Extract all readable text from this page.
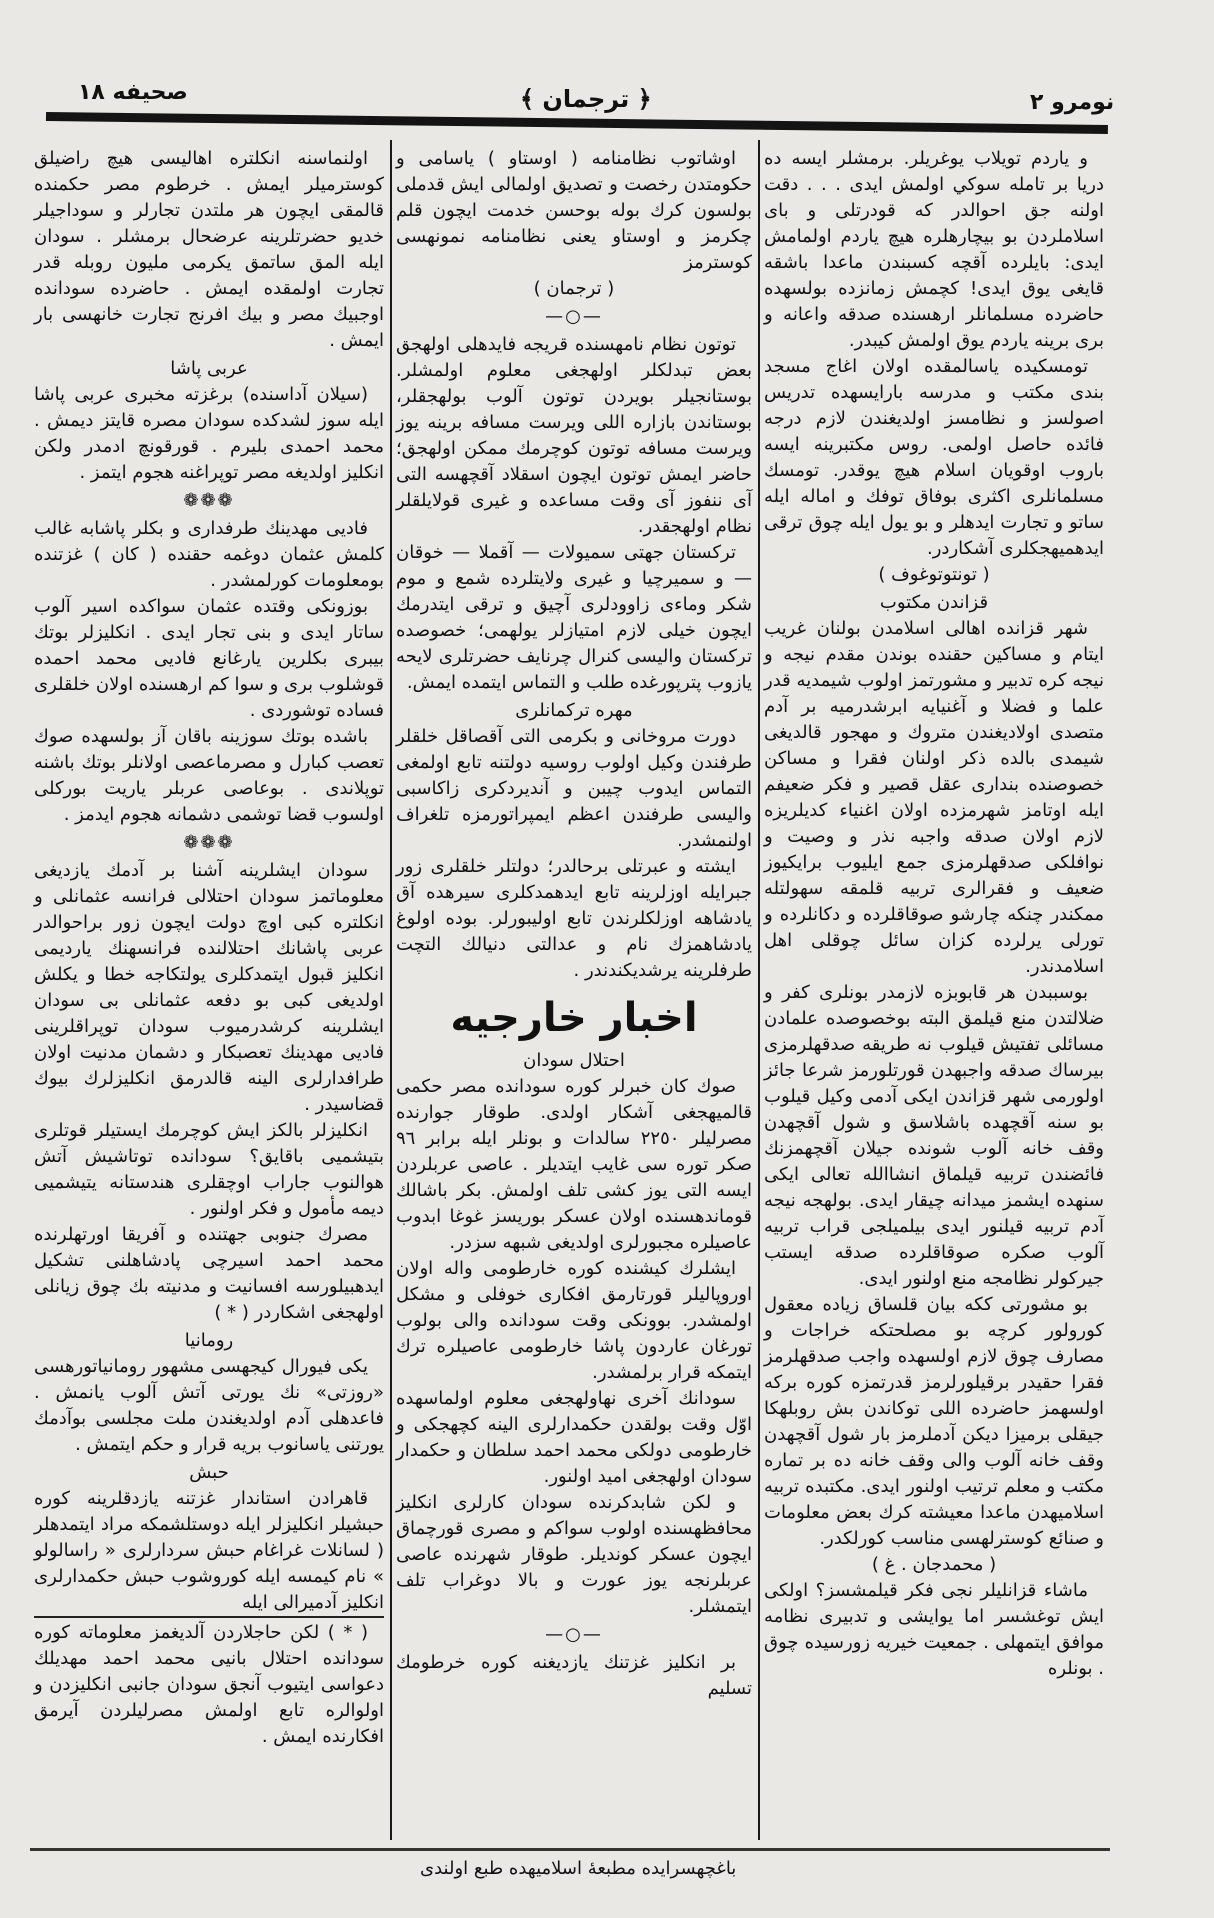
صحيفه ١٨	﴿ ترجمان ﴾	نومرو ٢

و یاردم تویلاب یوغریلر. برمشلر ایسه ده دریا بر تامله سوکي اولمش ایدی . . . دقت اولنه جق احوالدر که قودرتلی و بای اسلاملردن بو بیچارهلره هیچ یاردم اولمامش ایدی: بایلرده آقچه کسبندن ماعدا باشقه قایغی یوق ایدی! کچمش زمانزده بولسهده حاضرده مسلمانلر ارهسنده صدقه واعانه و بری برینه یاردم یوق اولمش کیبدر.

تومسکیده یاسالمقده اولان اغاج مسجد بندی مکتب و مدرسه بارایسهده تدریس اصولسز و نظامسز اولدیغندن لازم درجه فائده حاصل اولمی. روس مکتبرینه ایسه باروب اوقویان اسلام هیچ یوقدر. تومسك مسلمانلری اکثری بوفاق توفك و اماله ایله ساتو و تجارت ایدهلر و بو یول ایله چوق ترقی ایدهمیهجکلری آشکاردر.

( تونتوتوغوف )
قزاندن مکتوب

شهر قزانده اهالی اسلامدن بولنان غریب ایتام و مساکین حقنده بوندن مقدم نیجه و نیجه کره تدبیر و مشورتمز اولوب شیمدیه قدر علما و فضلا و آغنیایه ابرشدرمیه بر آدم متصدی اولادیغندن متروك و مهجور قالدیغی شیمدی بالده ذکر اولنان فقرا و مساکن خصوصنده بنداری عقل قصیر و فکر ضعیفم ایله اوتامز شهرمزده اولان اغنیاء کدیلریزه لازم اولان صدقه واجبه نذر و وصیت و نوافلکی صدقهلرمزی جمع ایلیوب برایکیوز ضعیف و فقرالری تربیه قلمقه سهولتله ممکندر چنکه چارشو صوقاقلرده و دکانلرده و تورلی یرلرده کزان سائل چوقلی اهل اسلامدندر.

بوسببدن هر قابوبزه لازمدر بونلری کفر و ضلالتدن منع قیلمق البته بوخصوصده علمادن مسائلی تفتیش قیلوب نه طریقه صدقهلرمزی بیرساك صدقه واجبهدن قورتلورمز شرعا جائز اولورمی شهر قزاندن ایکی آدمی وکیل قیلوب بو سنه آقچهده باشلاسق و شول آقچهدن وقف خانه آلوب شونده جیلان آقچهمزنك فائضندن تربیه قیلماق انشاالله تعالی ایکی سنهده ایشمز میدانه چیقار ایدی. بولهجه نیجه آدم تربیه قیلنور ایدی بیلمیلجی قراب تربیه آلوب صکره صوقاقلرده صدقه ایستب جیرکولر نظامجه منع اولنور ایدی.

بو مشورتی ککه بیان قلساق زیاده معقول کورولور کرچه بو مصلحتکه خراجات و مصارف چوق لازم اولسهده واجب صدقهلرمز فقرا حقیدر برقیلورلرمز قدرتمزه کوره برکه اولسهمز حاضرده اللی توکاندن بش روبلهکا جیقلی برمیزا دیکن آدملرمز بار شول آقچهدن وقف خانه آلوب والی وقف خانه ده بر تماره مکتب و معلم ترتیب اولنور ایدی. مکتبده تربیه اسلامیهدن ماعدا معیشته کرك بعض معلومات و صنائع کوسترلهسی مناسب کورلکدر.

( محمدجان . غ )

ماشاء قزانلیلر نجی فکر قیلمشسز؟ اولکی ایش توغشسر اما یوایشی و تدبیری نظامه موافق ایتمهلی . جمعیت خیریه زورسیده چوق . بونلره

اوشاتوب نظامنامه ( اوستاو ) یاسامی و حکومتدن رخصت و تصدیق اولمالی ایش قدملی بولسون کرك بوله بوحسن خدمت ایچون قلم چکرمز و اوستاو یعنی نظامنامه نمونهسی کوسترمز

( ترجمان )
—○—

توتون نظام نامهسنده قریجه فایدهلی اولهجق بعض تبدلکلر اولهجغی معلوم اولمشلر. بوستانجیلر بویردن توتون آلوب بولهجقلر، بوستاندن بازاره اللی ویرست مسافه برینه یوز ویرست مسافه توتون کوچرمك ممکن اولهجق؛ حاضر ایمش توتون ایچون اسقلاد آقچهسه التی آی ننفوز آی وقت مساعده و غیری قولایلقلر نظام اولهجقدر.

ترکستان جهتی سمیولات — آقملا — خوقان — و سمیرچیا و غیری ولایتلرده شمع و موم شکر وماءی زاوودلری آچیق و ترقی ایتدرمك ایچون خیلی لازم امتیازلر یولهمی؛ خصوصده ترکستان والیسی کنرال چرنایف حضرتلری لایحه یازوب پترپورغده طلب و التماس ایتمده ایمش.

مهره ترکمانلری

دورت مروخانی و بکرمی التی آقصاقل خلقلر طرفندن وکیل اولوب روسیه دولتنه تابع اولمغی التماس ایدوب چیبن و آندیردکری زاکاسبی والیسی طرفندن اعظم ایمپراتورمزه تلغراف اولنمشدر.

ایشته و عبرتلی برحالدر؛ دولتلر خلقلری زور جبرایله اوزلرینه تابع ایدهمدکلری سیرهده آق یادشاهه اوزلکلرندن تابع اولیبورلر. بوده اولوغ یادشاهمزك نام و عدالتی دنیالك التچت طرفلرینه یرشدیکندندر .

اخبار خارجیه
احتلال سودان

صوك کان خبرلر کوره سودانده مصر حکمی قالمیهجغی آشکار اولدی. طوقار جوارنده مصرلیلر ٢٢٥٠ سالدات و بونلر ایله برابر ٩٦ صکر توره سی غایب ایتدیلر . عاصی عربلردن ایسه التی یوز کشی تلف اولمش. بکر باشالك قوماندهسنده اولان عسکر بوریسز غوغا ابدوب عاصیلره مجبورلری اولدیغی شبهه سزدر.

ایشلرك کیشنده کوره خارطومی واله اولان اوروپالیلر قورتارمق افکاری خوفلی و مشکل اولمشدر. بوونکی وقت سودانده والی بولوب تورغان عاردون پاشا خارطومی عاصیلره ترك ایتمکه قرار برلمشدر.

سودانك آخری نهاولهجغی معلوم اولماسهده اوّل وقت بولقدن حکمدارلری الینه کچهجکی و خارطومی دولکی محمد احمد سلطان و حکمدار سودان اولهجغی امید اولنور.

و لکن شابدکرنده سودان کارلری انکلیز محافظهسنده اولوب سواکم و مصری قورچماق ایچون عسکر کوندیلر. طوقار شهرنده عاصی عربلرنجه یوز عورت و بالا دوغراب تلف ایتمشلر.

—○—

بر انکلیز غزتنك یازدیغنه کوره خرطومك تسلیم

اولنماسنه انکلتره اهالیسی هیچ راضیلق کوسترمیلر ایمش . خرطوم مصر حکمنده قالمقی ایچون هر ملتدن تجارلر و سوداجیلر خدیو حضرتلرینه عرضحال برمشلر . سودان ایله المق ساتمق یکرمی ملیون روبله قدر تجارت اولمقده ایمش . حاضرده سودانده اوجبیك مصر و بیك افرنج تجارت خانهسی بار ایمش .

عربی پاشا

(سیلان آداسنده) برغزته مخبری عربی پاشا ایله سوز لشدکده سودان مصره قایتز دیمش . محمد احمدی بلیرم . قورقونچ ادمدر ولکن انکلیز اولدیغه مصر توپراغنه هجوم ایتمز .

❁❁❁

فادیی مهدینك طرفداری و بکلر پاشابه غالب کلمش عثمان دوغمه حقنده ( کان ) غزتنده بومعلومات کورلمشدر .

بوزونکی وقتده عثمان سواکده اسیر آلوب ساتار ایدی و بنی تجار ایدی . انکلیزلر بوتك بیبری بکلرین یارغانع فادیی محمد احمده قوشلوب بری و سوا کم ارهسنده اولان خلقلری فساده توشوردی .

باشده بوتك سوزینه باقان آز بولسهده صوك تعصب کبارل و مصرماعصی اولانلر بوتك باشنه توپلاندی . بوعاصی عربلر یاریت بورکلی اولسوب قضا توشمی دشمانه هجوم ایدمز .

❁❁❁

سودان ایشلرینه آشنا بر آدمك یازدیغی معلوماتمز سودان احتلالی فرانسه عثمانلی و انکلتره کبی اوچ دولت ایچون زور براحوالدر عربی پاشانك احتلالنده فرانسهنك یاردیمی انکلیز قبول ایتمدکلری یولتکاجه خطا و یکلش اولدیغی کبی بو دفعه عثمانلی بی سودان ایشلرینه کرشدرمیوب سودان توپراقلرینی فادیی مهدینك تعصبکار و دشمان مدنیت اولان طرافدارلری الینه قالدرمق انکلیزلرك بیوك قضاسیدر .

انکلیزلر بالکز ایش کوچرمك ایستیلر قوتلری بتیشمیی باقایق؟ سودانده توتاشیش آتش هوالنوب جاراب اوچقلری هندستانه یتیشمیی دیمه مأمول و فکر اولنور .

مصرك جنوبی جهتنده و آفریقا اورتهلرنده محمد احمد اسیرچی پادشاهلنی تشکیل ایدهبیلورسه افسانیت و مدنیته بك چوق زیانلی اولهجغی اشکاردر ( * )

رومانیا

یکی فیورال کیجهسی مشهور رومانیاتورهسی «روزتی» نك یورتی آتش آلوب یانمش . فاعدهلی آدم اولدیغندن ملت مجلسی بوآدمك یورتنی یاسانوب بریه قرار و حکم ایتمش .

حبش

قاهرادن استاندار غزتنه یازدقلرینه کوره حبشیلر انکلیزلر ایله دوستلشمکه مراد ایتمدهلر ( لسانلات غراغام حبش سردارلری « راسالولو » نام کیمسه ایله کوروشوب حبش حکمدارلری انکلیز آدمیرالی ایله

( * ) لکن حاجلاردن آلدیغمز معلوماته کوره سودانده احتلال بانیی محمد احمد مهدیلك دعواسی ایتیوب آنجق سودان جانبی انکلیزدن و اولوالره تابع اولمش مصرلیلردن آیرمق افکارنده ایمش .

باغچهسرایده مطبعهٔ اسلامیهده طبع اولندی
